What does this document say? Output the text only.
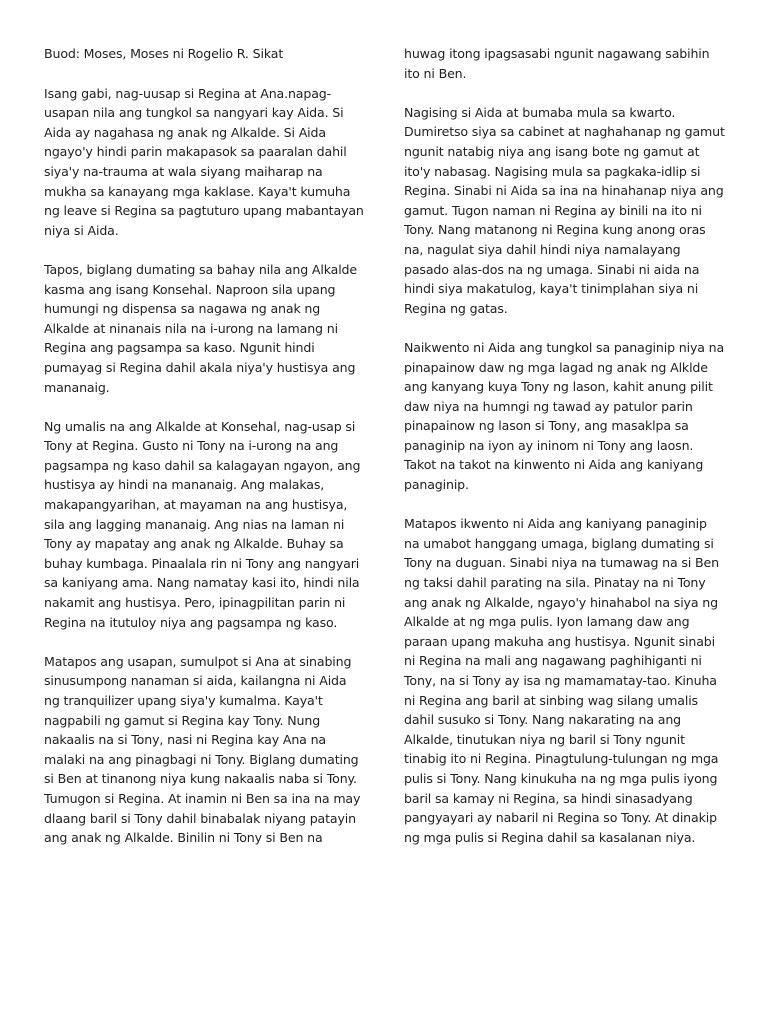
Buod: Moses, Moses ni Rogelio R. Sikat
Isang gabi, nag-uusap si Regina at Ana.napag-usapan nila ang tungkol sa nangyari kay Aida. Si Aida ay nagahasa ng anak ng Alkalde. Si Aida ngayo'y hindi parin makapasok sa paaralan dahil siya'y na-trauma at wala siyang maiharap na mukha sa kanayang mga kaklase. Kaya't kumuha ng leave si Regina sa pagtuturo upang mabantayan niya si Aida.
Tapos, biglang dumating sa bahay nila ang Alkalde kasma ang isang Konsehal. Naproon sila upang humungi ng dispensa sa nagawa ng anak ng Alkalde at ninanais nila na i-urong na lamang ni Regina ang pagsampa sa kaso. Ngunit hindi pumayag si Regina dahil akala niya'y hustisya ang mananaig.
Ng umalis na ang Alkalde at Konsehal, nag-usap si Tony at Regina. Gusto ni Tony na i-urong na ang pagsampa ng kaso dahil sa kalagayan ngayon, ang hustisya ay hindi na mananaig. Ang malakas, makapangyarihan, at mayaman na ang hustisya, sila ang lagging mananaig. Ang nias na laman ni Tony ay mapatay ang anak ng Alkalde. Buhay sa buhay kumbaga. Pinaalala rin ni Tony ang nangyari sa kaniyang ama. Nang namatay kasi ito, hindi nila nakamit ang hustisya. Pero, ipinagpilitan parin ni Regina na itutuloy niya ang pagsampa ng kaso.
Matapos ang usapan, sumulpot si Ana at sinabing sinusumpong nanaman si aida, kailangna ni Aida ng tranquilizer upang siya'y kumalma. Kaya't nagpabili ng gamut si Regina kay Tony. Nung nakaalis na si Tony, nasi ni Regina kay Ana na malaki na ang pinagbagi ni Tony. Biglang dumating si Ben at tinanong niya kung nakaalis naba si Tony. Tumugon si Regina. At inamin ni Ben sa ina na may dlaang baril si Tony dahil binabalak niyang patayin ang anak ng Alkalde. Binilin ni Tony si Ben na
huwag itong ipagsasabi ngunit nagawang sabihin ito ni Ben.
Nagising si Aida at bumaba mula sa kwarto. Dumiretso siya sa cabinet at naghahanap ng gamut ngunit natabig niya ang isang bote ng gamut at ito'y nabasag. Nagising mula sa pagkaka-idlip si Regina. Sinabi ni Aida sa ina na hinahanap niya ang gamut. Tugon naman ni Regina ay binili na ito ni Tony. Nang matanong ni Regina kung anong oras na, nagulat siya dahil hindi niya namalayang pasado alas-dos na ng umaga. Sinabi ni aida na hindi siya makatulog, kaya't tinimplahan siya ni Regina ng gatas.
Naikwento ni Aida ang tungkol sa panaginip niya na pinapainow daw ng mga lagad ng anak ng Alklde ang kanyang kuya Tony ng lason, kahit anung pilit daw niya na humngi ng tawad ay patulor parin pinapainow ng lason si Tony, ang masaklpa sa panaginip na iyon ay ininom ni Tony ang laosn. Takot na takot na kinwento ni Aida ang kaniyang panaginip.
Matapos ikwento ni Aida ang kaniyang panaginip na umabot hanggang umaga, biglang dumating si Tony na duguan. Sinabi niya na tumawag na si Ben ng taksi dahil parating na sila. Pinatay na ni Tony ang anak ng Alkalde, ngayo'y hinahabol na siya ng Alkalde at ng mga pulis. Iyon lamang daw ang paraan upang makuha ang hustisya. Ngunit sinabi ni Regina na mali ang nagawang paghihiganti ni Tony, na si Tony ay isa ng mamamatay-tao. Kinuha ni Regina ang baril at sinbing wag silang umalis dahil susuko si Tony. Nang nakarating na ang Alkalde, tinutukan niya ng baril si Tony ngunit tinabig ito ni Regina. Pinagtulung-tulungan ng mga pulis si Tony. Nang kinukuha na ng mga pulis iyong baril sa kamay ni Regina, sa hindi sinasadyang pangyayari ay nabaril ni Regina so Tony. At dinakip ng mga pulis si Regina dahil sa kasalanan niya.
